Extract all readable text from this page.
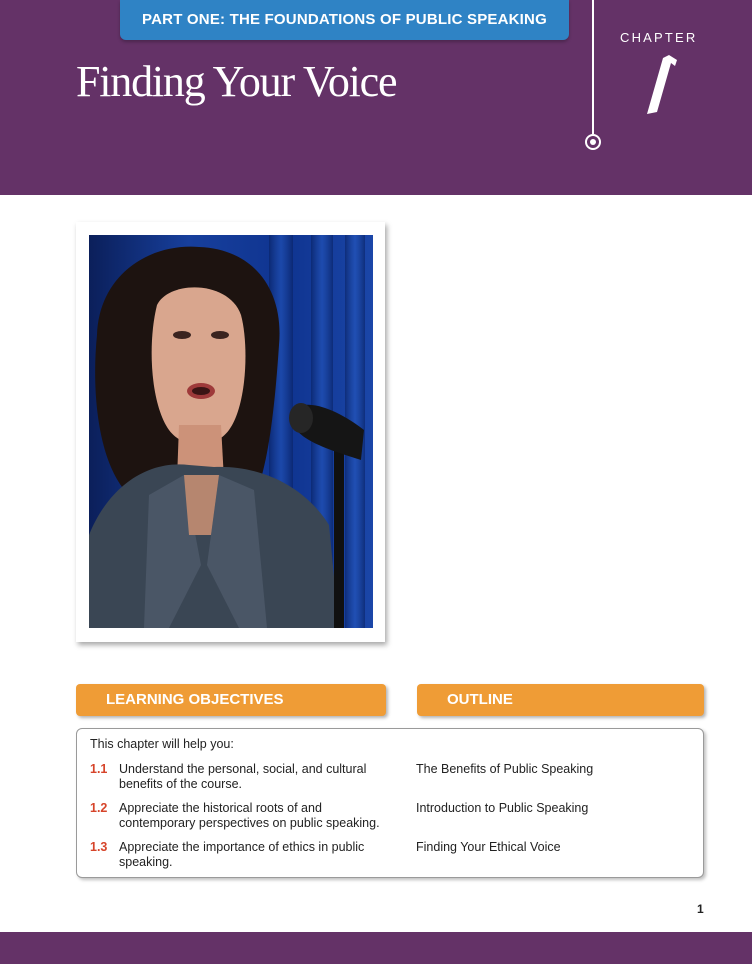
PART ONE: THE FOUNDATIONS OF PUBLIC SPEAKING
Finding Your Voice
CHAPTER
LEARNING OBJECTIVES	OUTLINE
This chapter will help you:
1.1 Understand the personal, social, and cultural benefits of the course.
1.2 Appreciate the historical roots of and contemporary perspectives on public speaking.
1.3 Appreciate the importance of ethics in public speaking.
The Benefits of Public Speaking
Introduction to Public Speaking
Finding Your Ethical Voice
1
